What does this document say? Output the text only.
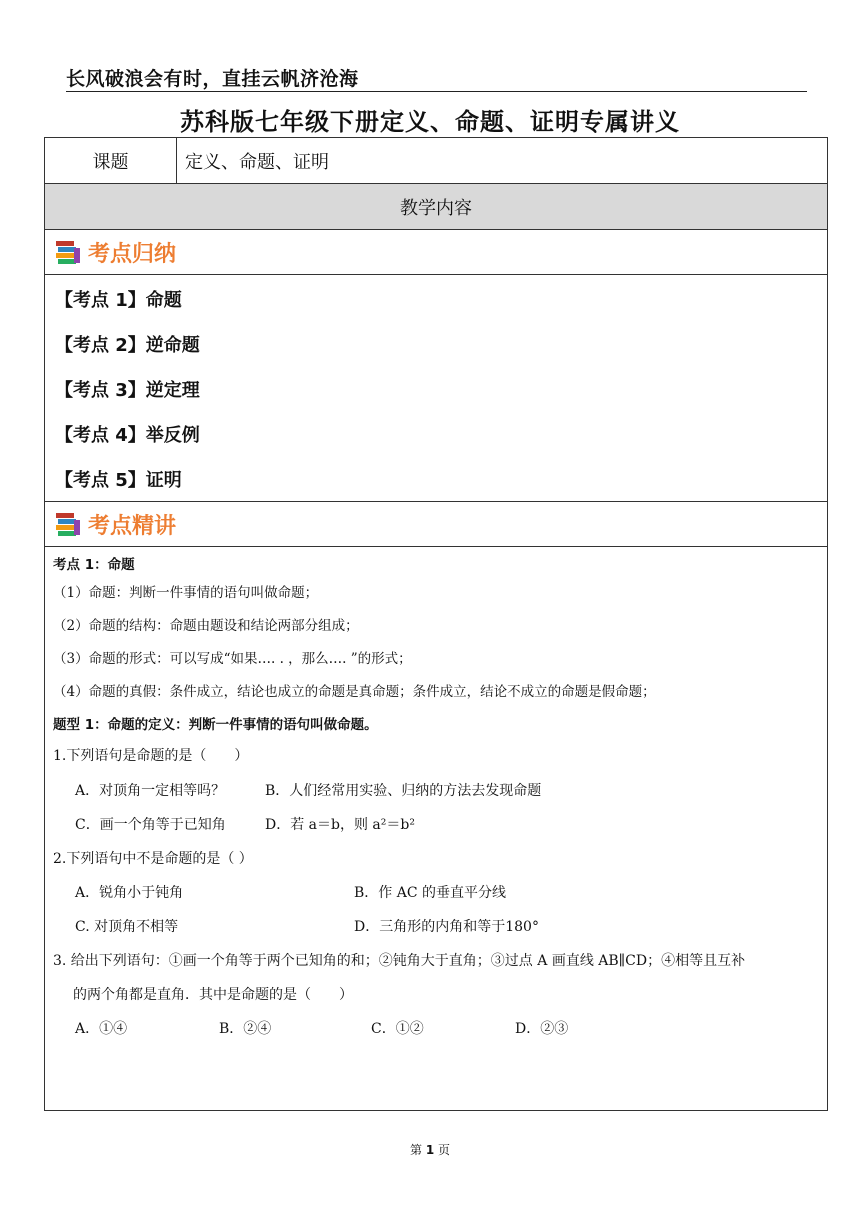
长风破浪会有时，直挂云帆济沧海
苏科版七年级下册定义、命题、证明专属讲义
课题	定义、命题、证明
教学内容
考点归纳
【考点 1】命题
【考点 2】逆命题
【考点 3】逆定理
【考点 4】举反例
【考点 5】证明
考点精讲
考点 1：命题
（1）命题：判断一件事情的语句叫做命题；
（2）命题的结构：命题由题设和结论两部分组成；
（3）命题的形式：可以写成“如果…. . ，那么…. ”的形式；
（4）命题的真假：条件成立，结论也成立的命题是真命题；条件成立，结论不成立的命题是假命题；
题型 1：命题的定义：判断一件事情的语句叫做命题。
1.下列语句是命题的是（　　）
A．对顶角一定相等吗？	B．人们经常用实验、归纳的方法去发现命题
C．画一个角等于已知角	D．若 a＝b，则 a²＝b²
2.下列语句中不是命题的是（ ）
A．锐角小于钝角	B．作 AC 的垂直平分线
C. 对顶角不相等	D．三角形的内角和等于180°
3. 给出下列语句：①画一个角等于两个已知角的和；②钝角大于直角；③过点 A 画直线 AB∥CD；④相等且互补
的两个角都是直角．其中是命题的是（　　）
A．①④	B．②④	C．①②	D．②③
第 1 页
